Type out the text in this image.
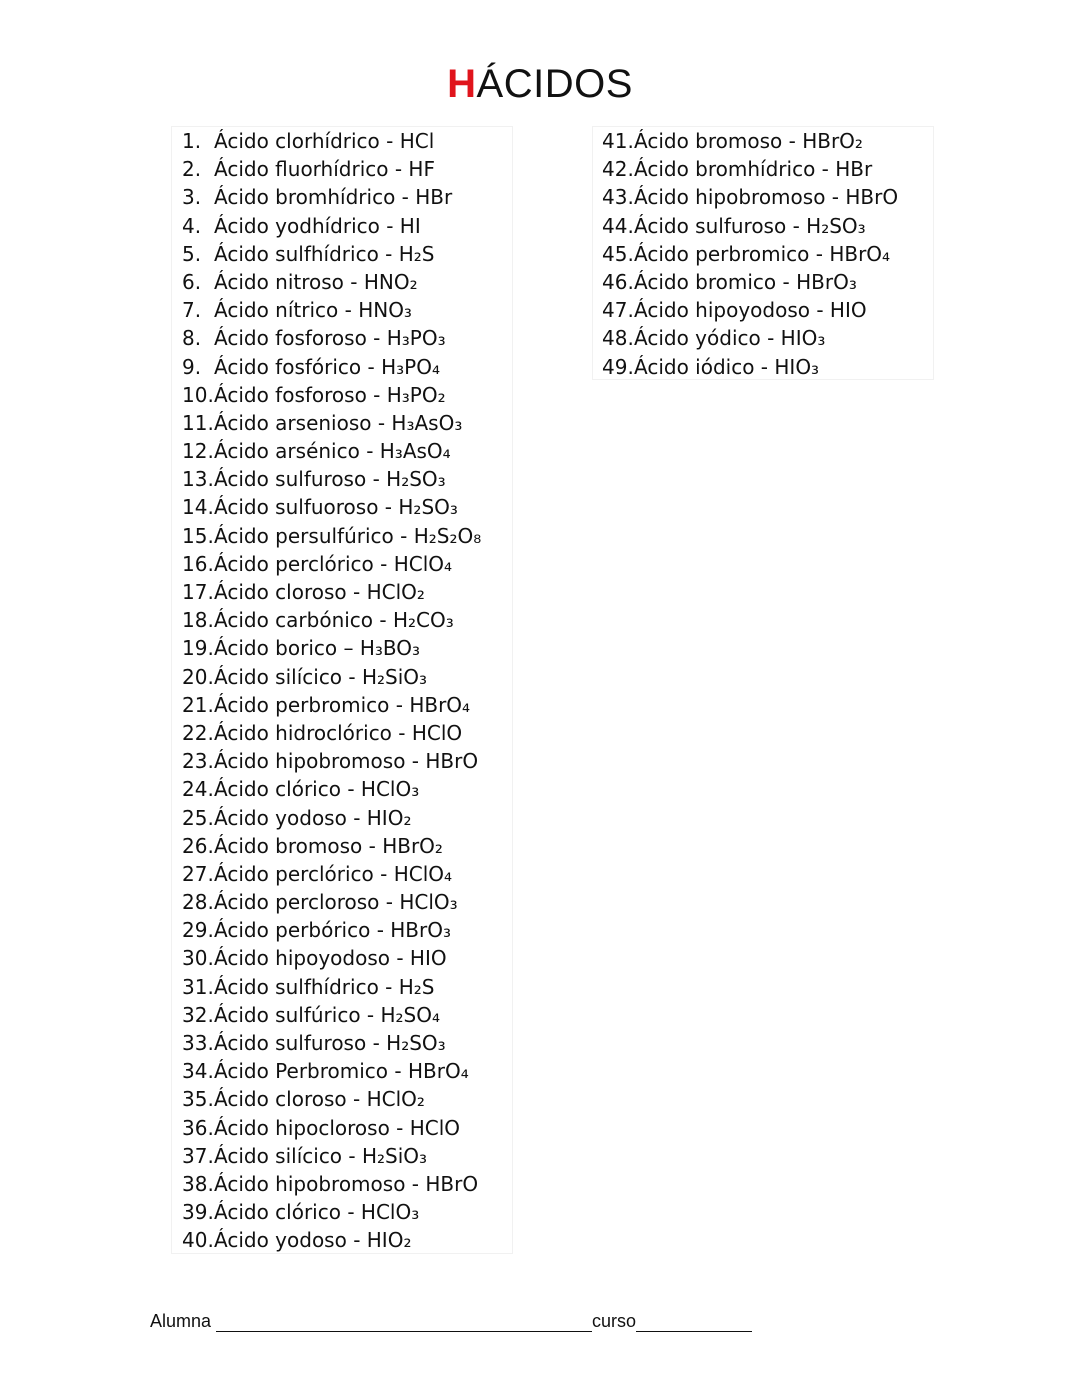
HÁCIDOS
1. Ácido clorhídrico - HCl
2. Ácido fluorhídrico - HF
3. Ácido bromhídrico - HBr
4. Ácido yodhídrico - HI
5. Ácido sulfhídrico - H₂S
6. Ácido nitroso - HNO₂
7. Ácido nítrico - HNO₃
8. Ácido fosforoso - H₃PO₃
9. Ácido fosfórico - H₃PO₄
10. Ácido fosforoso - H₃PO₂
11. Ácido arsenioso - H₃AsO₃
12. Ácido arsénico - H₃AsO₄
13. Ácido sulfuroso - H₂SO₃
14. Ácido sulfuoroso - H₂SO₃
15. Ácido persulfúrico - H₂S₂O₈
16. Ácido perclórico - HClO₄
17. Ácido cloroso - HClO₂
18. Ácido carbónico - H₂CO₃
19. Ácido borico – H₃BO₃
20. Ácido silícico - H₂SiO₃
21. Ácido perbromico - HBrO₄
22. Ácido hidroclórico - HClO
23. Ácido hipobromoso - HBrO
24. Ácido clórico - HClO₃
25. Ácido yodoso - HIO₂
26. Ácido bromoso - HBrO₂
27. Ácido perclórico - HClO₄
28. Ácido percloroso - HClO₃
29. Ácido perbórico - HBrO₃
30. Ácido hipoyodoso - HIO
31. Ácido sulfhídrico - H₂S
32. Ácido sulfúrico - H₂SO₄
33. Ácido sulfuroso - H₂SO₃
34. Ácido Perbromico - HBrO₄
35. Ácido cloroso - HClO₂
36. Ácido hipocloroso - HClO
37. Ácido silícico - H₂SiO₃
38. Ácido hipobromoso - HBrO
39. Ácido clórico - HClO₃
40. Ácido yodoso - HIO₂
41. Ácido bromoso - HBrO₂
42. Ácido bromhídrico - HBr
43. Ácido hipobromoso - HBrO
44. Ácido sulfuroso - H₂SO₃
45. Ácido perbromico - HBrO₄
46. Ácido bromico - HBrO₃
47. Ácido hipoyodoso - HIO
48. Ácido yódico - HIO₃
49. Ácido iódico - HIO₃
Alumna	curso
